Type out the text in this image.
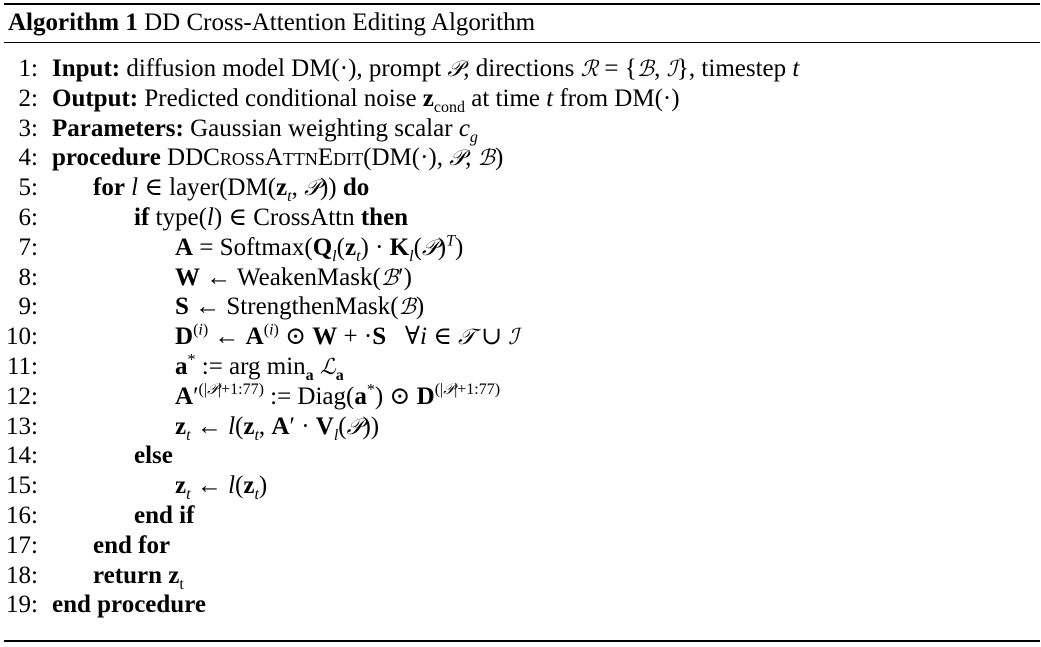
Algorithm 1 DD Cross-Attention Editing Algorithm
1: Input: diffusion model DM(·), prompt 𝒫, directions ℛ = {ℬ, ℐ}, timestep t
2: Output: Predicted conditional noise $z_{cond}$ at time t from DM(·)
3: Parameters: Gaussian weighting scalar $c_g$
4: procedure DDCrossAttnEdit(DM(·), 𝒫, ℬ)
5: for l ∈ $layer(DM(z_t$, 𝒫)) do
6:	if type(l) ∈ CrossAttn then
7:	$A = Softmax(Q_l(z_t)$ · $K_l(𝒫)^T$)
8:	W ← WeakenMask(ℬ′)
9:	S ← StrengthenMask(ℬ)
10:	$D^{(i)}$ ← $A^{(i)}$ ⊙ W + ·S   ∀i ∈ 𝒯 ∪ ℐ
11:	a* := arg $\min_a$ ℒ$_a$
12:	$A'^{(|𝒫|+1:77)}$ := Diag(a*) ⊙ $D^{(|𝒫|+1:77)}$
13:	$z_t$ ← $l(z_t$, $A' \cdot V_l(𝒫)$)
14:	else
15:	$z_t$ ← $l(z_t)$
16:	end if
17: end for
18: return $z_t$
19: end procedure
